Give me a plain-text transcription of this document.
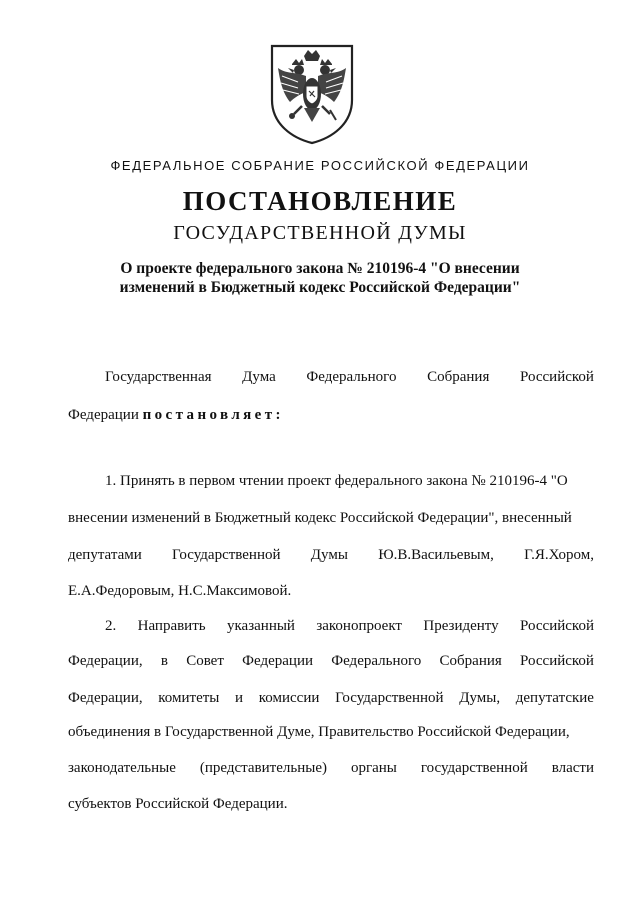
ФЕДЕРАЛЬНОЕ СОБРАНИЕ РОССИЙСКОЙ ФЕДЕРАЦИИ
ПОСТАНОВЛЕНИЕ
ГОСУДАРСТВЕННОЙ ДУМЫ
О проекте федерального закона № 210196-4 "О внесении
изменений в Бюджетный кодекс Российской Федерации"
Государственная Дума Федерального Собрания Российской
Федерации постановляет:
1. Принять в первом чтении проект федерального закона № 210196-4 "О
внесении изменений в Бюджетный кодекс Российской Федерации", внесенный
депутатами Государственной Думы Ю.В.Васильевым, Г.Я.Хором,
Е.А.Федоровым, Н.С.Максимовой.
2. Направить указанный законопроект Президенту Российской
Федерации, в Совет Федерации Федерального Собрания Российской
Федерации, комитеты и комиссии Государственной Думы, депутатские
объединения в Государственной Думе, Правительство Российской Федерации,
законодательные (представительные) органы государственной власти
субъектов Российской Федерации.
